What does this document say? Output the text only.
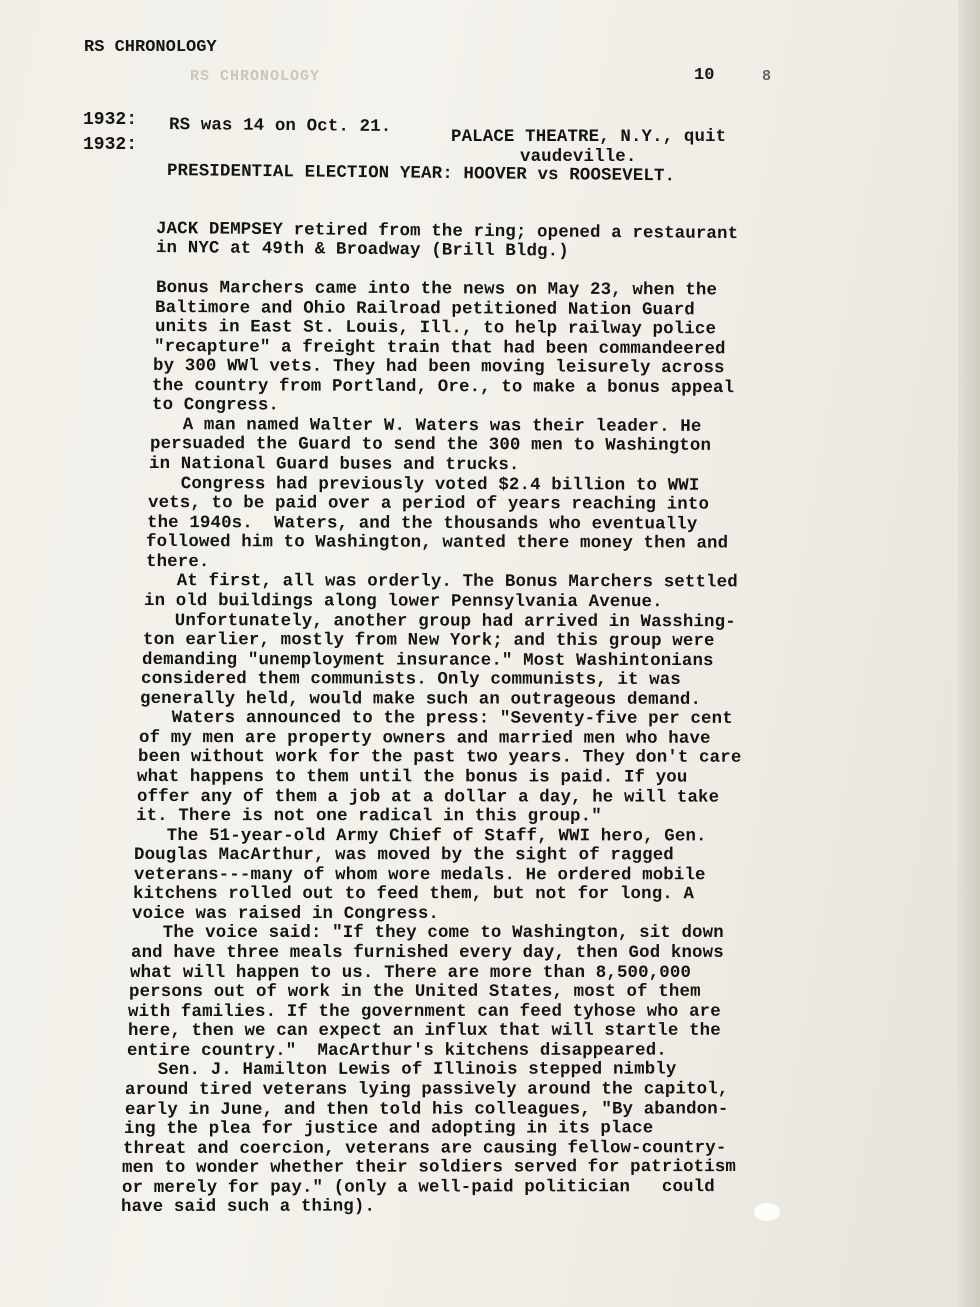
RS CHRONOLOGY
RS CHRONOLOGY
10	8
1932:
1932:
RS was 14 on Oct. 21.
PALACE THEATRE, N.Y., quit
vaudeville.
PRESIDENTIAL ELECTION YEAR: HOOVER vs ROOSEVELT.
JACK DEMPSEY retired from the ring; opened a restaurant
in NYC at 49th & Broadway (Brill Bldg.)
Bonus Marchers came into the news on May 23, when the
Baltimore and Ohio Railroad petitioned Nation Guard
units in East St. Louis, Ill., to help railway police
"recapture" a freight train that had been commandeered
by 300 WWl vets. They had been moving leisurely across
the country from Portland, Ore., to make a bonus appeal
to Congress.
A man named Walter W. Waters was their leader. He
persuaded the Guard to send the 300 men to Washington
in National Guard buses and trucks.
Congress had previously voted $2.4 billion to WWI
vets, to be paid over a period of years reaching into
the 1940s.  Waters, and the thousands who eventually
followed him to Washington, wanted there money then and
there.
At first, all was orderly. The Bonus Marchers settled
in old buildings along lower Pennsylvania Avenue.
Unfortunately, another group had arrived in Wasshing-
ton earlier, mostly from New York; and this group were
demanding "unemployment insurance." Most Washintonians
considered them communists. Only communists, it was
generally held, would make such an outrageous demand.
Waters announced to the press: "Seventy-five per cent
of my men are property owners and married men who have
been without work for the past two years. They don't care
what happens to them until the bonus is paid. If you
offer any of them a job at a dollar a day, he will take
it. There is not one radical in this group."
The 51-year-old Army Chief of Staff, WWI hero, Gen.
Douglas MacArthur, was moved by the sight of ragged
veterans---many of whom wore medals. He ordered mobile
kitchens rolled out to feed them, but not for long. A
voice was raised in Congress.
The voice said: "If they come to Washington, sit down
and have three meals furnished every day, then God knows
what will happen to us. There are more than 8,500,000
persons out of work in the United States, most of them
with families. If the government can feed tyhose who are
here, then we can expect an influx that will startle the
entire country."  MacArthur's kitchens disappeared.
Sen. J. Hamilton Lewis of Illinois stepped nimbly
around tired veterans lying passively around the capitol,
early in June, and then told his colleagues, "By abandon-
ing the plea for justice and adopting in its place
threat and coercion, veterans are causing fellow-country-
men to wonder whether their soldiers served for patriotism
or merely for pay." (only a well-paid politician   could
have said such a thing).
